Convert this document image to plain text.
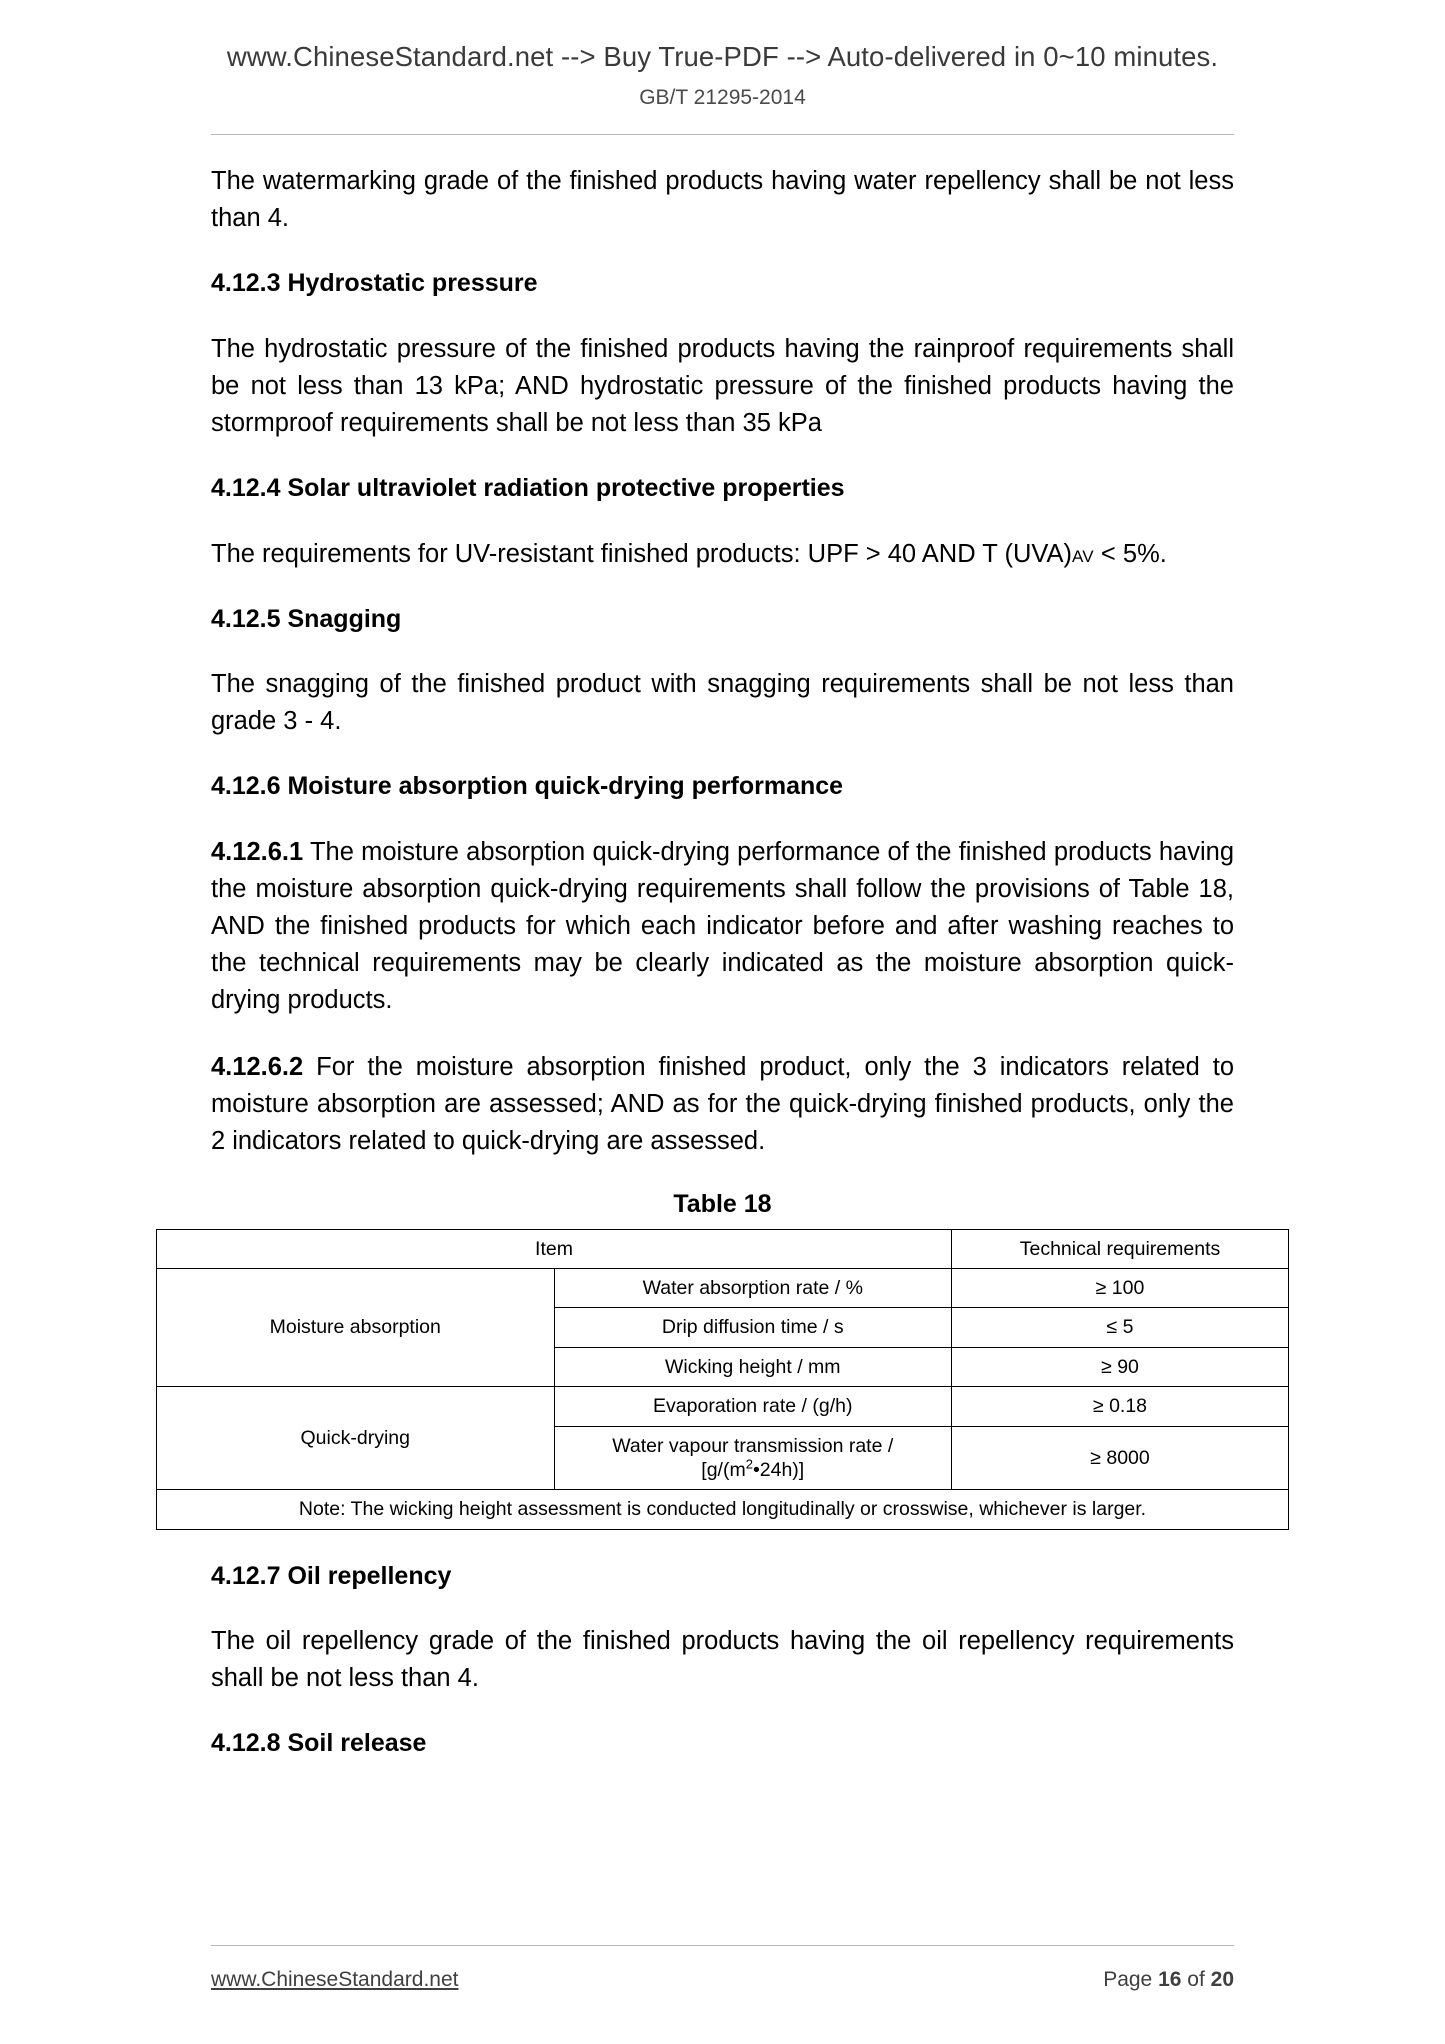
www.ChineseStandard.net --> Buy True-PDF --> Auto-delivered in 0~10 minutes.
GB/T 21295-2014

The watermarking grade of the finished products having water repellency shall be not less than 4.

4.12.3 Hydrostatic pressure

The hydrostatic pressure of the finished products having the rainproof requirements shall be not less than 13 kPa; AND hydrostatic pressure of the finished products having the stormproof requirements shall be not less than 35 kPa

4.12.4 Solar ultraviolet radiation protective properties

The requirements for UV-resistant finished products: UPF > 40 AND T (UVA)AV < 5%.

4.12.5 Snagging

The snagging of the finished product with snagging requirements shall be not less than grade 3 - 4.

4.12.6 Moisture absorption quick-drying performance

4.12.6.1 The moisture absorption quick-drying performance of the finished products having the moisture absorption quick-drying requirements shall follow the provisions of Table 18, AND the finished products for which each indicator before and after washing reaches to the technical requirements may be clearly indicated as the moisture absorption quick-drying products.

4.12.6.2 For the moisture absorption finished product, only the 3 indicators related to moisture absorption are assessed; AND as for the quick-drying finished products, only the 2 indicators related to quick-drying are assessed.

Table 18
Item		Technical requirements
Moisture absorption	Water absorption rate / %	≥ 100
	Drip diffusion time / s	≤ 5
	Wicking height / mm	≥ 90
Quick-drying	Evaporation rate / (g/h)	≥ 0.18
	Water vapour transmission rate / $[g/(m^2•24h)]$	≥ 8000
Note: The wicking height assessment is conducted longitudinally or crosswise, whichever is larger.		
4.12.7 Oil repellency

The oil repellency grade of the finished products having the oil repellency requirements shall be not less than 4.

4.12.8 Soil release
www.ChineseStandard.net	Page 16 of 20
